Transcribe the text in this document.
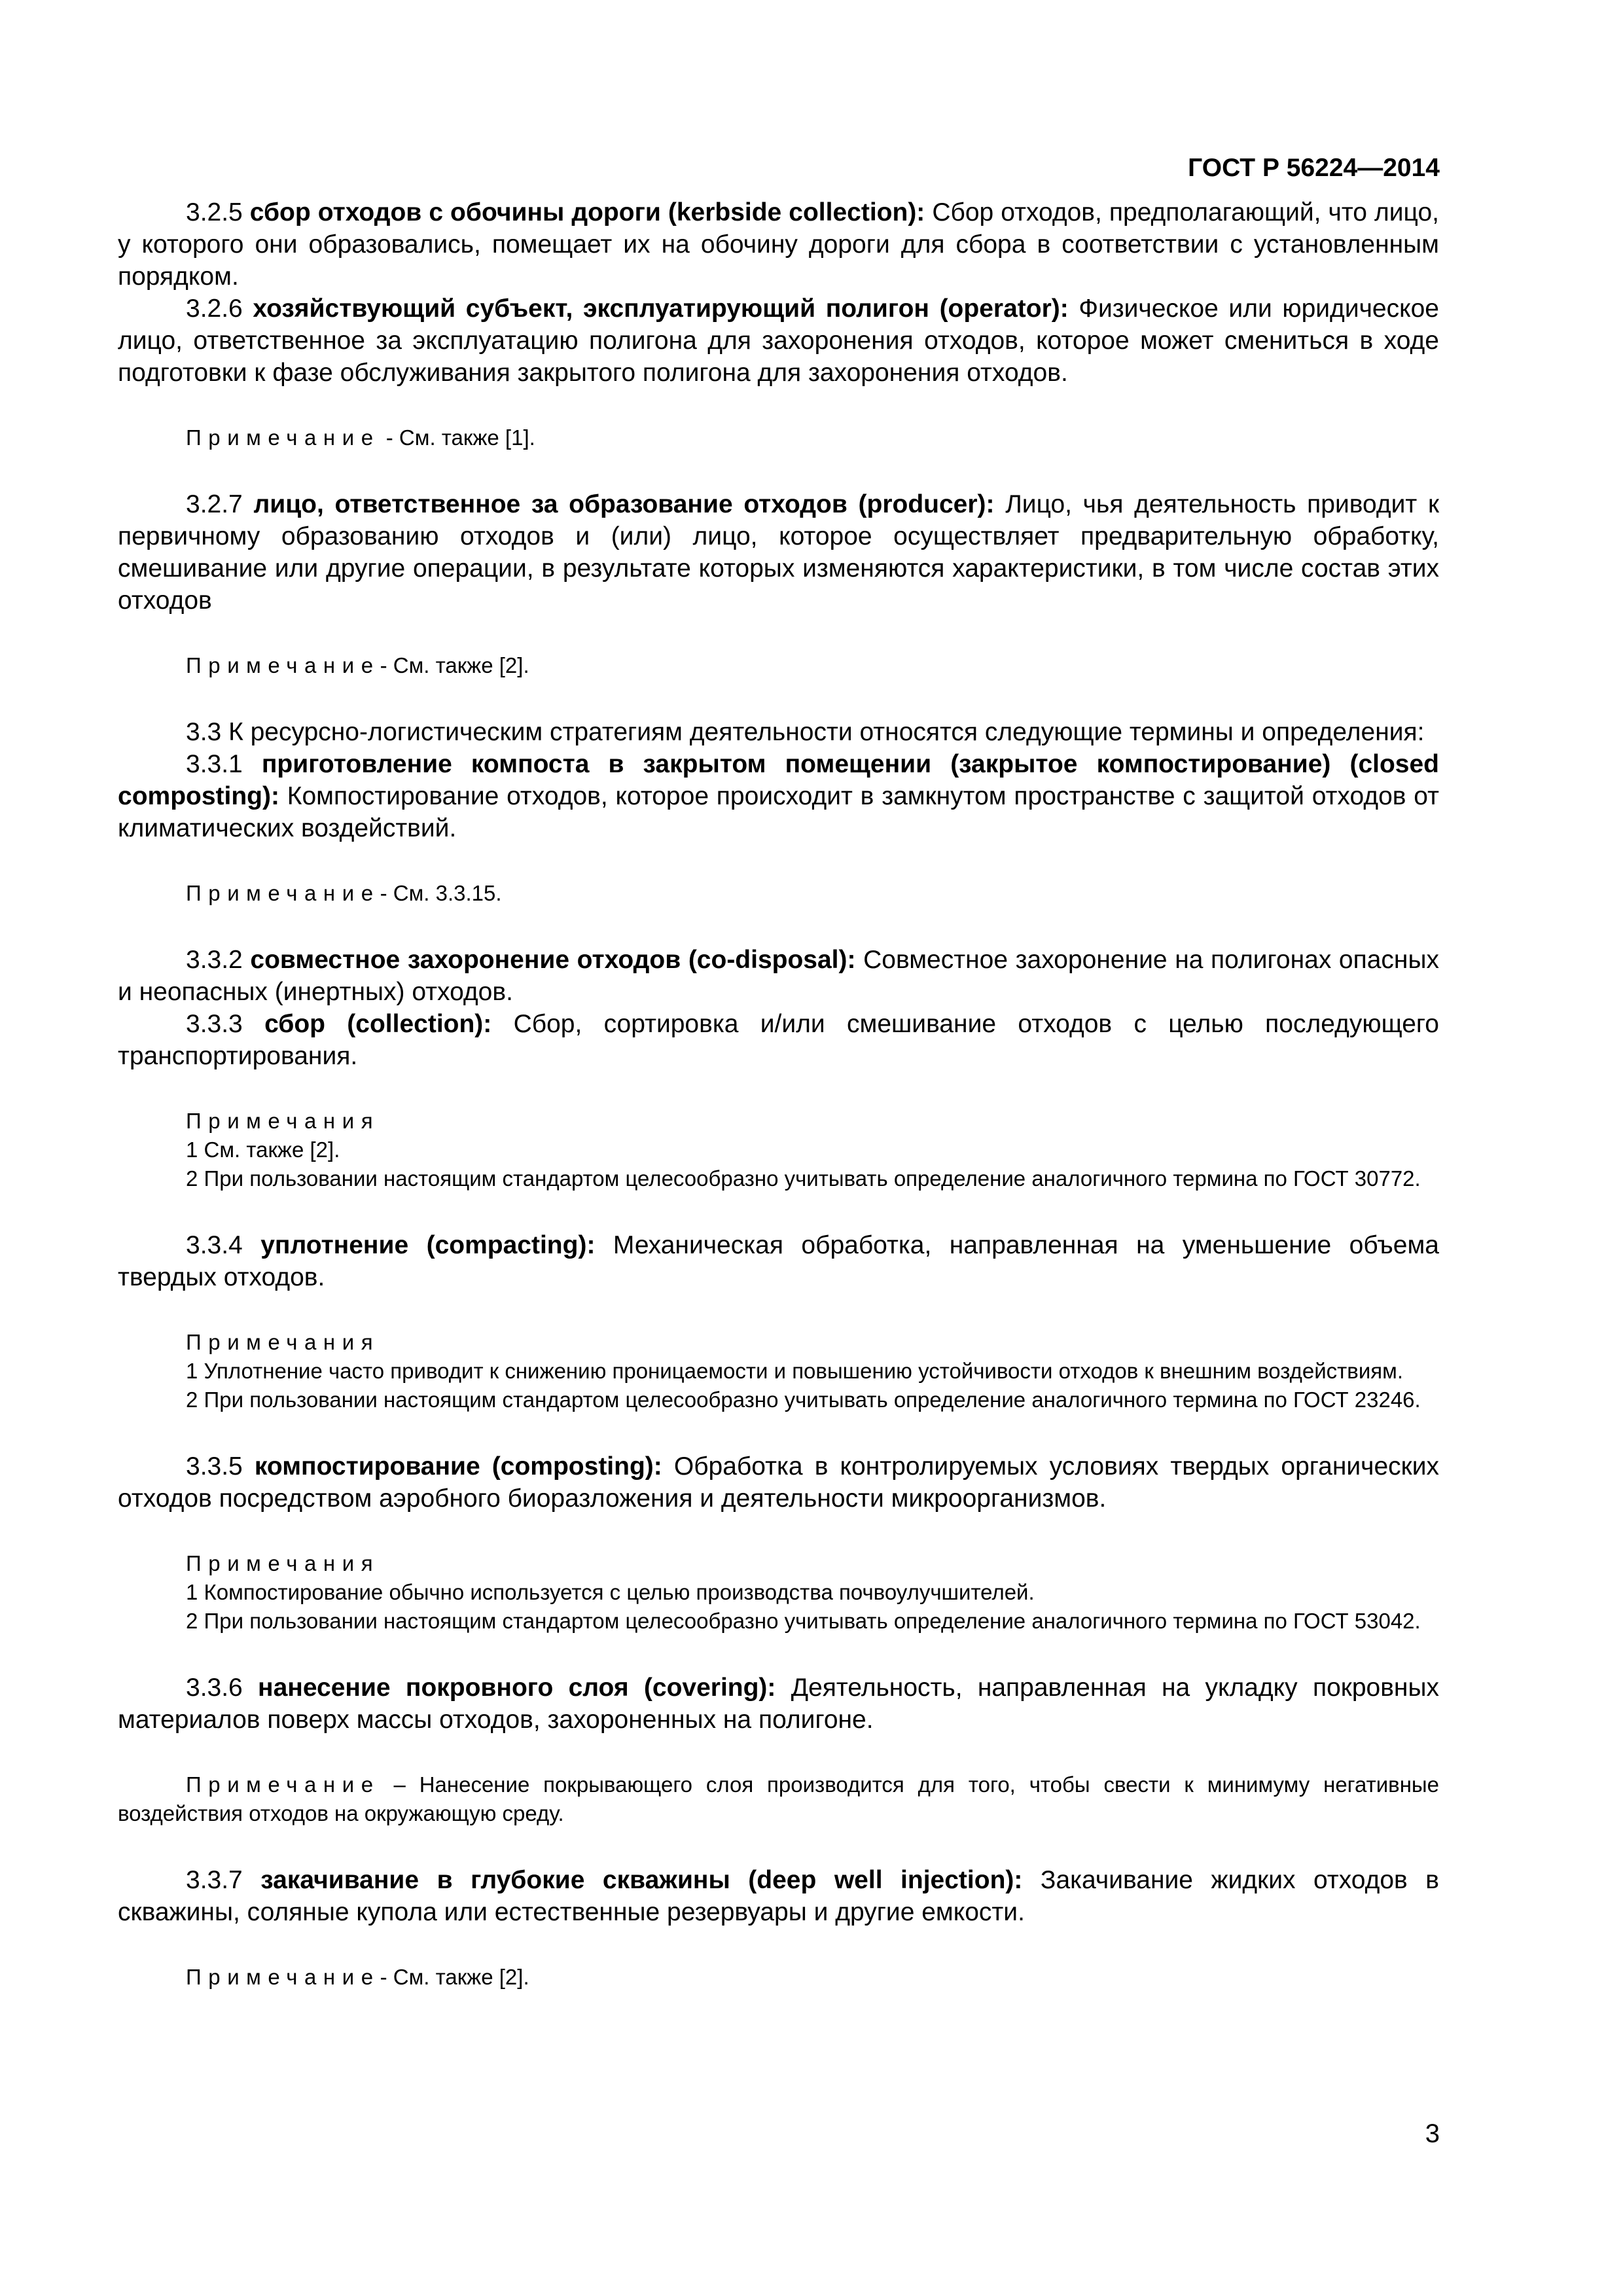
ГОСТ Р 56224—2014

3.2.5 сбор отходов с обочины дороги (kerbside collection): Сбор отходов, предполагающий, что лицо, у которого они образовались, помещает их на обочину дороги для сбора в соответствии с установленным порядком.

3.2.6 хозяйствующий субъект, эксплуатирующий полигон (operator): Физическое или юридическое лицо, ответственное за эксплуатацию полигона для захоронения отходов, которое может смениться в ходе подготовки к фазе обслуживания закрытого полигона для захоронения отходов.

Примечание - См. также [1].

3.2.7 лицо, ответственное за образование отходов (producer): Лицо, чья деятельность приводит к первичному образованию отходов и (или) лицо, которое осуществляет предварительную обработку, смешивание или другие операции, в результате которых изменяются характеристики, в том числе состав этих отходов

Примечание- См. также [2].

3.3 К ресурсно-логистическим стратегиям деятельности относятся следующие термины и определения:

3.3.1 приготовление компоста в закрытом помещении (закрытое компостирование) (closed composting): Компостирование отходов, которое происходит в замкнутом пространстве с защитой отходов от климатических воздействий.

Примечание- См. 3.3.15.

3.3.2 совместное захоронение отходов (co-disposal): Совместное захоронение на полигонах опасных и неопасных (инертных) отходов.

3.3.3 сбор (collection): Сбор, сортировка и/или смешивание отходов с целью последующего транспортирования.

Примечания

1 См. также [2].

2 При пользовании настоящим стандартом целесообразно учитывать определение аналогичного термина по ГОСТ 30772.

3.3.4 уплотнение (compacting): Механическая обработка, направленная на уменьшение объема твердых отходов.

Примечания

1 Уплотнение часто приводит к снижению проницаемости и повышению устойчивости отходов к внешним воздействиям.

2 При пользовании настоящим стандартом целесообразно учитывать определение аналогичного термина по ГОСТ 23246.

3.3.5 компостирование (composting): Обработка в контролируемых условиях твердых органических отходов посредством аэробного биоразложения и деятельности микроорганизмов.

Примечания

1 Компостирование обычно используется с целью производства почвоулучшителей.

2 При пользовании настоящим стандартом целесообразно учитывать определение аналогичного термина по ГОСТ 53042.

3.3.6 нанесение покровного слоя (covering): Деятельность, направленная на укладку покровных материалов поверх массы отходов, захороненных на полигоне.

Примечание – Нанесение покрывающего слоя производится для того, чтобы свести к минимуму негативные воздействия отходов на окружающую среду.

3.3.7 закачивание в глубокие скважины (deep well injection): Закачивание жидких отходов в скважины, соляные купола или естественные резервуары и другие емкости.

Примечание- См. также [2].

3
